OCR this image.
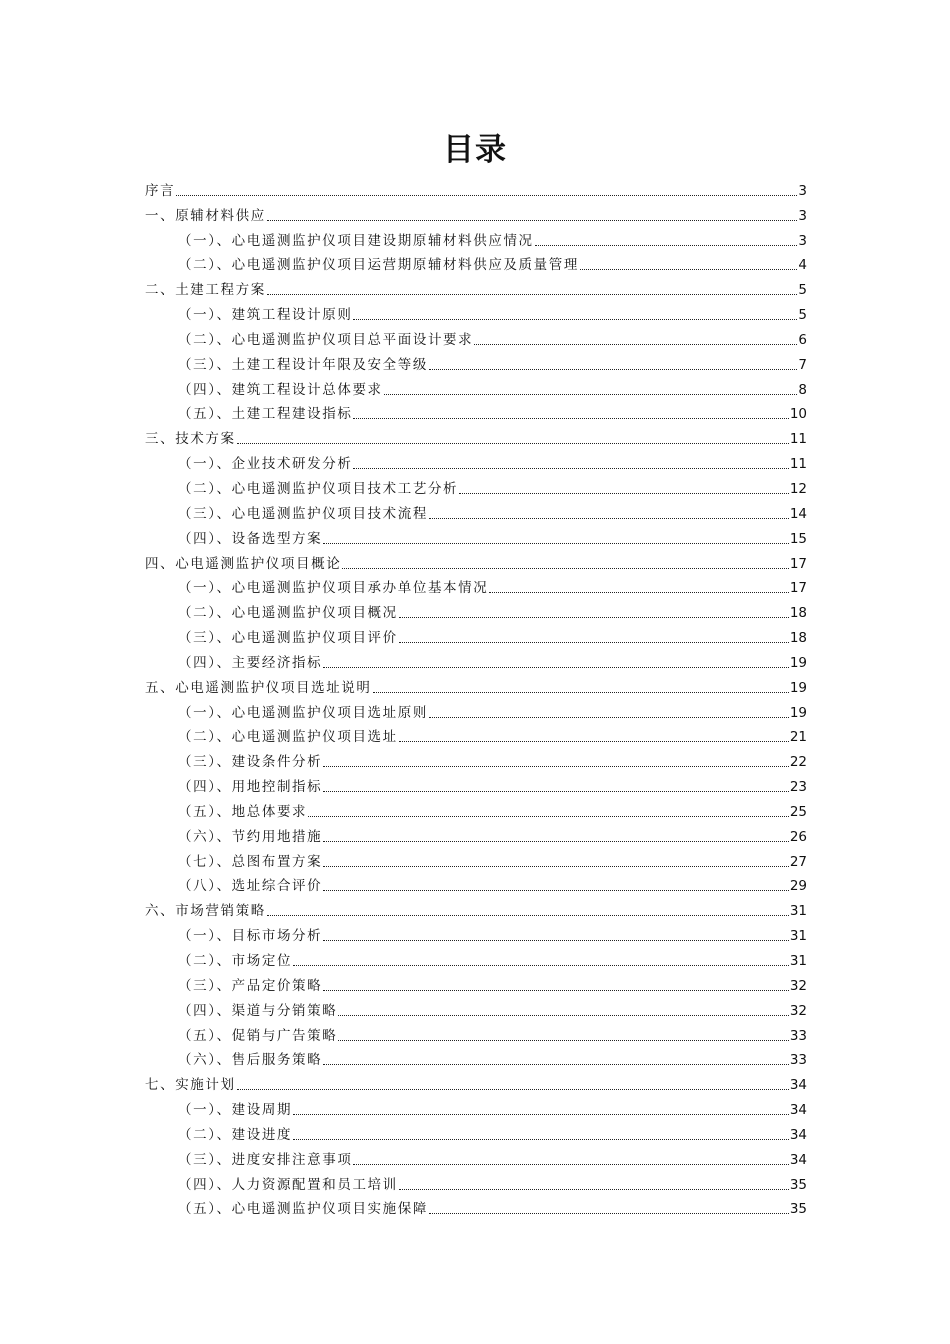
目录
序言	3
一、原辅材料供应	3
（一）、心电遥测监护仪项目建设期原辅材料供应情况	3
（二）、心电遥测监护仪项目运营期原辅材料供应及质量管理	4
二、土建工程方案	5
（一）、建筑工程设计原则	5
（二）、心电遥测监护仪项目总平面设计要求	6
（三）、土建工程设计年限及安全等级	7
（四）、建筑工程设计总体要求	8
（五）、土建工程建设指标	10
三、技术方案	11
（一）、企业技术研发分析	11
（二）、心电遥测监护仪项目技术工艺分析	12
（三）、心电遥测监护仪项目技术流程	14
（四）、设备选型方案	15
四、心电遥测监护仪项目概论	17
（一）、心电遥测监护仪项目承办单位基本情况	17
（二）、心电遥测监护仪项目概况	18
（三）、心电遥测监护仪项目评价	18
（四）、主要经济指标	19
五、心电遥测监护仪项目选址说明	19
（一）、心电遥测监护仪项目选址原则	19
（二）、心电遥测监护仪项目选址	21
（三）、建设条件分析	22
（四）、用地控制指标	23
（五）、地总体要求	25
（六）、节约用地措施	26
（七）、总图布置方案	27
（八）、选址综合评价	29
六、市场营销策略	31
（一）、目标市场分析	31
（二）、市场定位	31
（三）、产品定价策略	32
（四）、渠道与分销策略	32
（五）、促销与广告策略	33
（六）、售后服务策略	33
七、实施计划	34
（一）、建设周期	34
（二）、建设进度	34
（三）、进度安排注意事项	34
（四）、人力资源配置和员工培训	35
（五）、心电遥测监护仪项目实施保障	35
